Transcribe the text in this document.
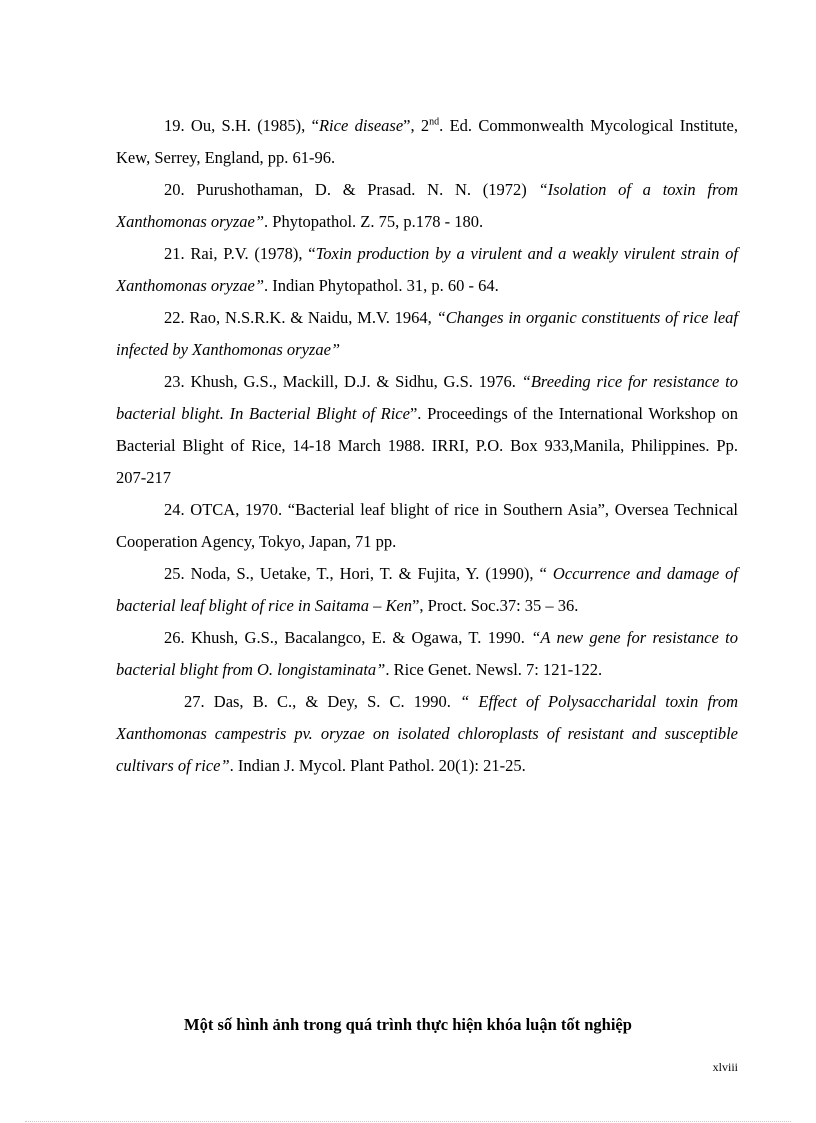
19. Ou, S.H. (1985), “Rice disease”, 2nd. Ed. Commonwealth Mycological Institute, Kew, Serrey, England, pp. 61-96.

20. Purushothaman, D. & Prasad. N. N. (1972) “Isolation of a toxin from Xanthomonas oryzae”. Phytopathol. Z. 75, p.178 - 180.

21. Rai, P.V. (1978), “Toxin production by a virulent and a weakly virulent strain of Xanthomonas oryzae”. Indian Phytopathol. 31, p. 60 - 64.

22. Rao, N.S.R.K. & Naidu, M.V. 1964, “Changes in organic constituents of rice leaf infected by Xanthomonas oryzae”

23. Khush, G.S., Mackill, D.J. & Sidhu, G.S. 1976. “Breeding rice for resistance to bacterial blight. In Bacterial Blight of Rice”. Proceedings of the International Workshop on Bacterial Blight of Rice, 14-18 March 1988. IRRI, P.O. Box 933,Manila, Philippines. Pp. 207-217

24. OTCA, 1970. “Bacterial leaf blight of rice in Southern Asia”, Oversea Technical Cooperation Agency, Tokyo, Japan, 71 pp.

25. Noda, S., Uetake, T., Hori, T. & Fujita, Y. (1990), “ Occurrence and damage of bacterial leaf blight of rice in Saitama – Ken”, Proct. Soc.37: 35 – 36.

26. Khush, G.S., Bacalangco, E. & Ogawa, T. 1990. “A new gene for resistance to bacterial blight from O. longistaminata”. Rice Genet. Newsl. 7: 121-122.

27. Das, B. C., & Dey, S. C. 1990. “ Effect of Polysaccharidal toxin from Xanthomonas campestris pv. oryzae on isolated chloroplasts of resistant and susceptible cultivars of rice”. Indian J. Mycol. Plant Pathol. 20(1): 21-25.

Một số hình ảnh trong quá trình thực hiện khóa luận tốt nghiệp
xlviii
